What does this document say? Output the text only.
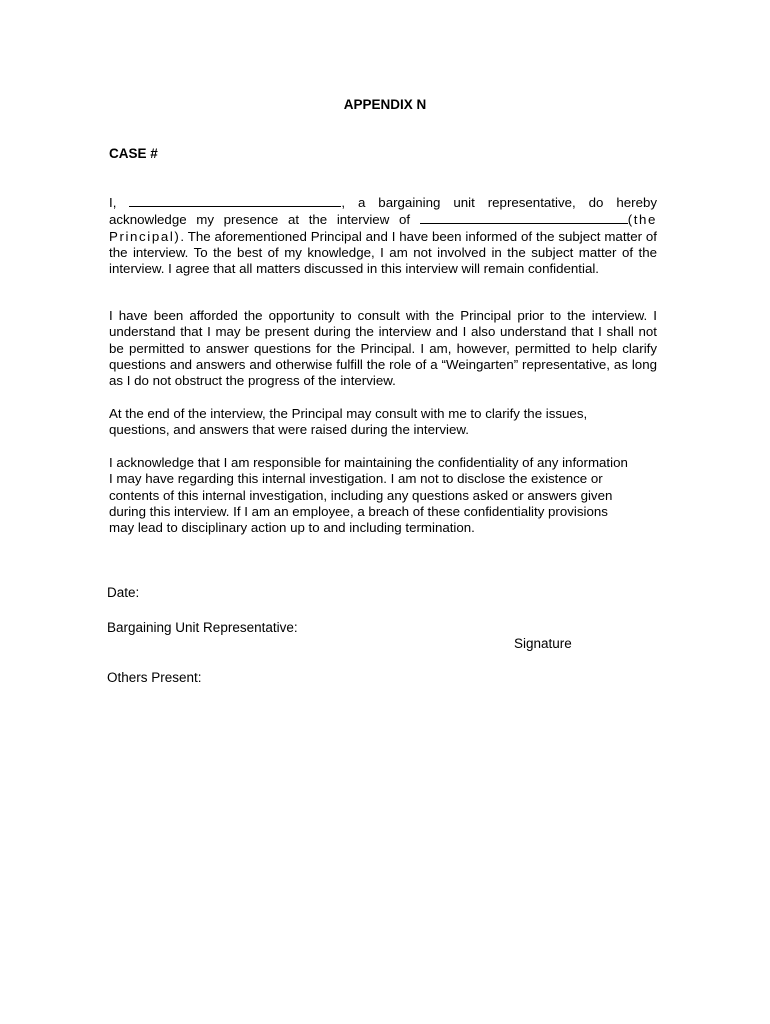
APPENDIX N
CASE #
I,	, a bargaining unit representative, do hereby acknowledge my presence at the interview of	(the Principal). The aforementioned Principal and I have been informed of the subject matter of the interview. To the best of my knowledge, I am not involved in the subject matter of the interview. I agree that all matters discussed in this interview will remain confidential.
I have been afforded the opportunity to consult with the Principal prior to the interview. I understand that I may be present during the interview and I also understand that I shall not be permitted to answer questions for the Principal. I am, however, permitted to help clarify questions and answers and otherwise fulfill the role of a “Weingarten” representative, as long as I do not obstruct the progress of the interview.
At the end of the interview, the Principal may consult with me to clarify the issues,
questions, and answers that were raised during the interview.
I acknowledge that I am responsible for maintaining the confidentiality of any information
I may have regarding this internal investigation. I am not to disclose the existence or
contents of this internal investigation, including any questions asked or answers given
during this interview. If I am an employee, a breach of these confidentiality provisions
may lead to disciplinary action up to and including termination.
Date:
Bargaining Unit Representative:
Signature
Others Present:
